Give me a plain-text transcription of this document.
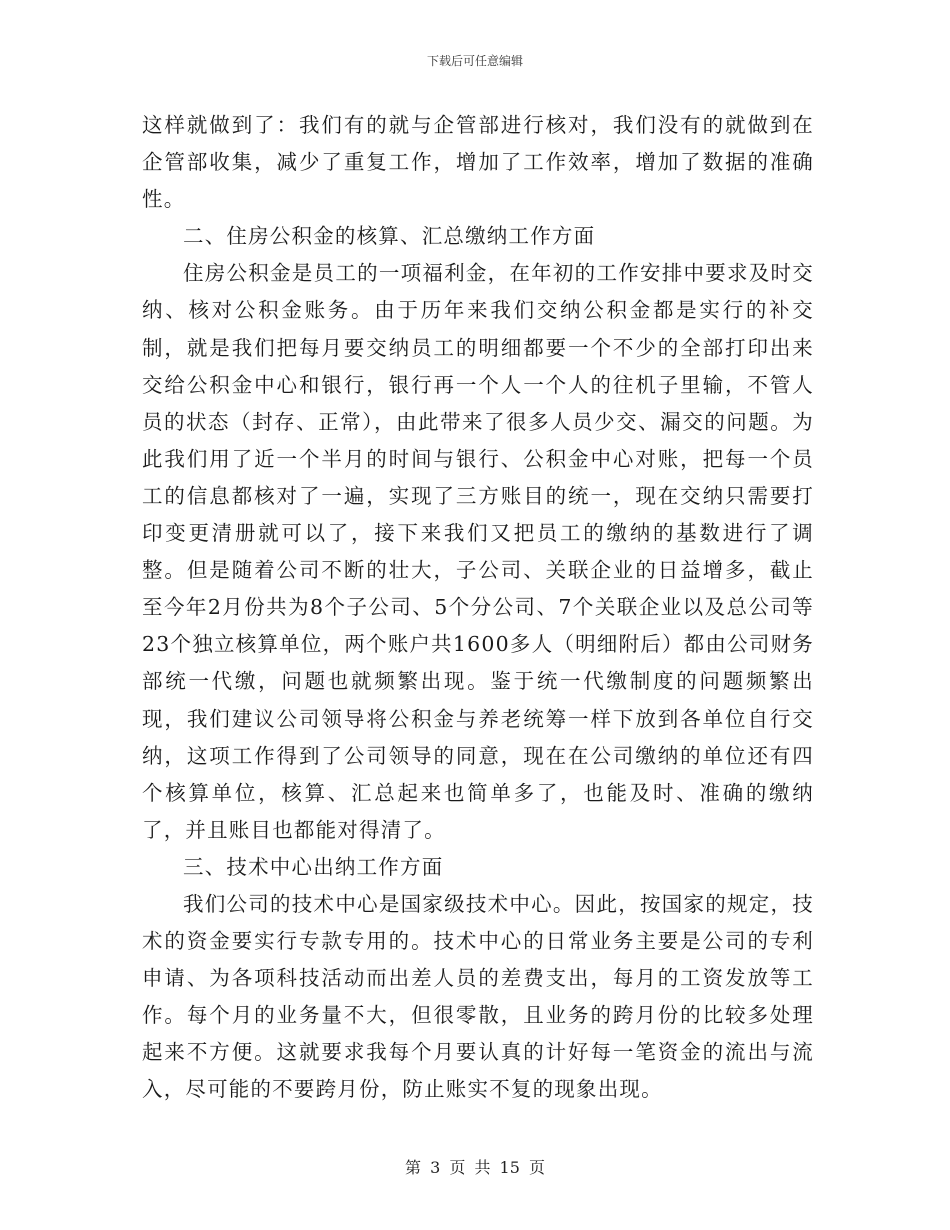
下载后可任意编辑

这样就做到了：我们有的就与企管部进行核对，我们没有的就做到在企管部收集，减少了重复工作，增加了工作效率，增加了数据的准确性。

二、住房公积金的核算、汇总缴纳工作方面

住房公积金是员工的一项福利金，在年初的工作安排中要求及时交纳、核对公积金账务。由于历年来我们交纳公积金都是实行的补交制，就是我们把每月要交纳员工的明细都要一个不少的全部打印出来交给公积金中心和银行，银行再一个人一个人的往机子里输，不管人员的状态（封存、正常），由此带来了很多人员少交、漏交的问题。为此我们用了近一个半月的时间与银行、公积金中心对账，把每一个员工的信息都核对了一遍，实现了三方账目的统一，现在交纳只需要打印变更清册就可以了，接下来我们又把员工的缴纳的基数进行了调整。但是随着公司不断的壮大，子公司、关联企业的日益增多，截止至今年2月份共为8个子公司、5个分公司、7个关联企业以及总公司等23个独立核算单位，两个账户共1600多人（明细附后）都由公司财务部统一代缴，问题也就频繁出现。鉴于统一代缴制度的问题频繁出现，我们建议公司领导将公积金与养老统筹一样下放到各单位自行交纳，这项工作得到了公司领导的同意，现在在公司缴纳的单位还有四个核算单位，核算、汇总起来也简单多了，也能及时、准确的缴纳了，并且账目也都能对得清了。

三、技术中心出纳工作方面

我们公司的技术中心是国家级技术中心。因此，按国家的规定，技术的资金要实行专款专用的。技术中心的日常业务主要是公司的专利申请、为各项科技活动而出差人员的差费支出，每月的工资发放等工作。每个月的业务量不大，但很零散，且业务的跨月份的比较多处理起来不方便。这就要求我每个月要认真的计好每一笔资金的流出与流入，尽可能的不要跨月份，防止账实不复的现象出现。

第 3 页 共 15 页
